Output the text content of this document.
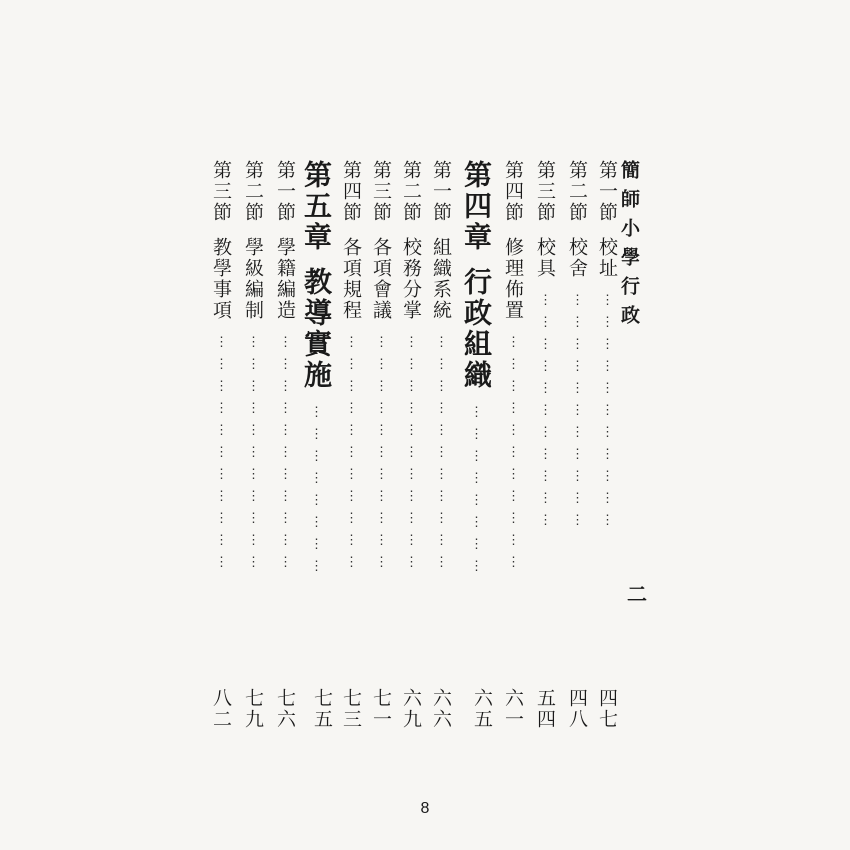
簡師小學行政
二
第一節校址⋮⋮⋮⋮⋮⋮⋮⋮⋮⋮⋮
四七
第二節校舍⋮⋮⋮⋮⋮⋮⋮⋮⋮⋮⋮
四八
第三節校具⋮⋮⋮⋮⋮⋮⋮⋮⋮⋮⋮
五四
第四節修理佈置⋮⋮⋮⋮⋮⋮⋮⋮⋮⋮⋮
六一
第四章行政組織⋮⋮⋮⋮⋮⋮⋮⋮
六五
第一節組織系統⋮⋮⋮⋮⋮⋮⋮⋮⋮⋮⋮
六六
第二節校務分掌⋮⋮⋮⋮⋮⋮⋮⋮⋮⋮⋮
六九
第三節各項會議⋮⋮⋮⋮⋮⋮⋮⋮⋮⋮⋮
七一
第四節各項規程⋮⋮⋮⋮⋮⋮⋮⋮⋮⋮⋮
七三
第五章教導實施⋮⋮⋮⋮⋮⋮⋮⋮
七五
第一節學籍編造⋮⋮⋮⋮⋮⋮⋮⋮⋮⋮⋮
七六
第二節學級編制⋮⋮⋮⋮⋮⋮⋮⋮⋮⋮⋮
七九
第三節教學事項⋮⋮⋮⋮⋮⋮⋮⋮⋮⋮⋮
八二
8
